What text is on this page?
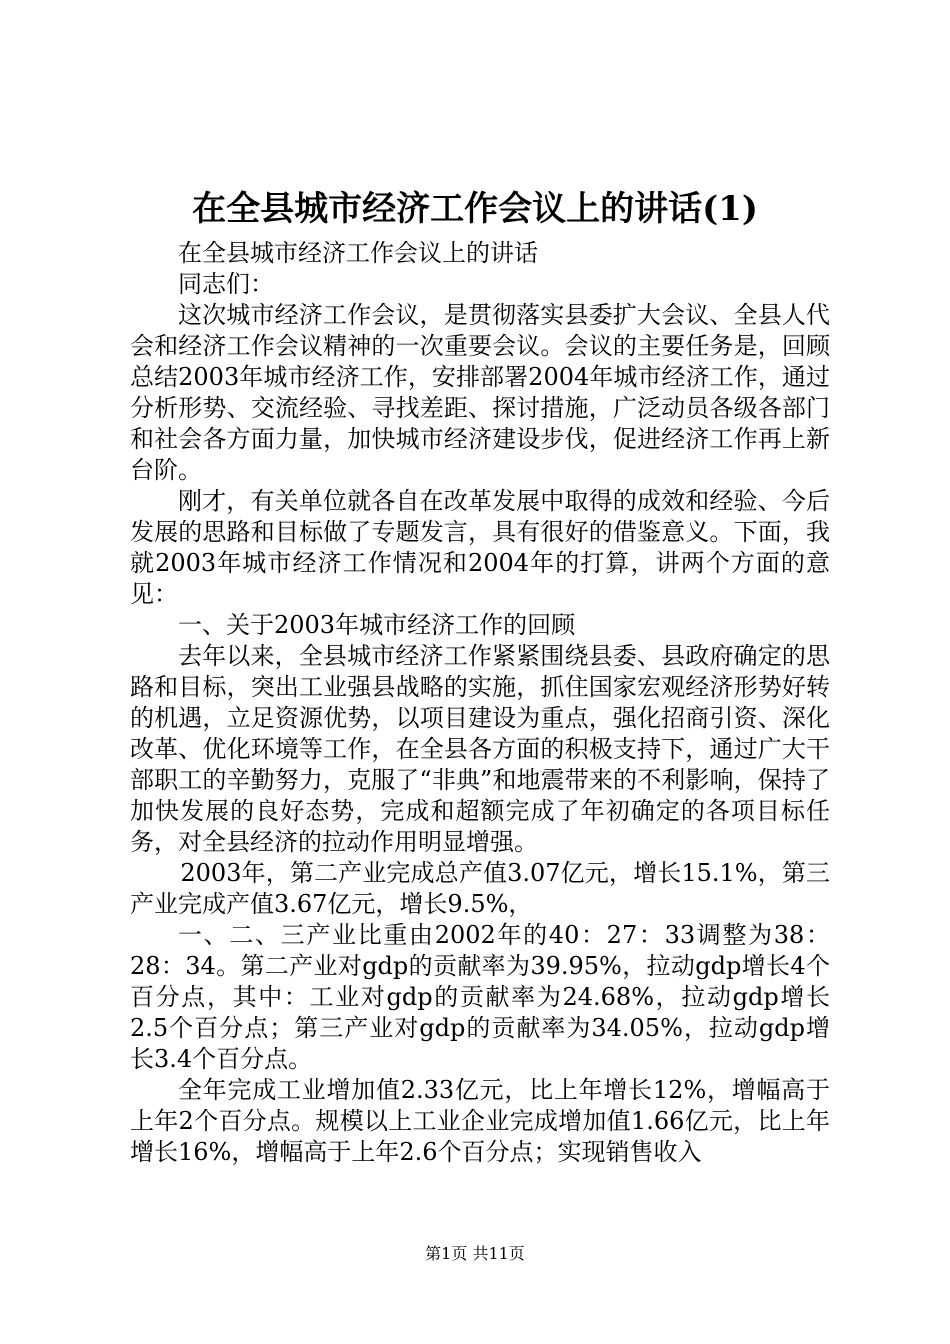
在全县城市经济工作会议上的讲话(1)

在全县城市经济工作会议上的讲话

同志们：

这次城市经济工作会议，是贯彻落实县委扩大会议、全县人代会和经济工作会议精神的一次重要会议。会议的主要任务是，回顾总结2003年城市经济工作，安排部署2004年城市经济工作，通过分析形势、交流经验、寻找差距、探讨措施，广泛动员各级各部门和社会各方面力量，加快城市经济建设步伐，促进经济工作再上新台阶。

刚才，有关单位就各自在改革发展中取得的成效和经验、今后发展的思路和目标做了专题发言，具有很好的借鉴意义。下面，我就2003年城市经济工作情况和2004年的打算，讲两个方面的意见：

一、关于2003年城市经济工作的回顾

去年以来，全县城市经济工作紧紧围绕县委、县政府确定的思路和目标，突出工业强县战略的实施，抓住国家宏观经济形势好转的机遇，立足资源优势，以项目建设为重点，强化招商引资、深化改革、优化环境等工作，在全县各方面的积极支持下，通过广大干部职工的辛勤努力，克服了“非典”和地震带来的不利影响，保持了加快发展的良好态势，完成和超额完成了年初确定的各项目标任务，对全县经济的拉动作用明显增强。

2003年，第二产业完成总产值3.07亿元，增长15.1%，第三产业完成产值3.67亿元，增长9.5%，

一、二、三产业比重由2002年的40：27：33调整为38：28：34。第二产业对gdp的贡献率为39.95%，拉动gdp增长4个百分点，其中：工业对gdp的贡献率为24.68%，拉动gdp增长2.5个百分点；第三产业对gdp的贡献率为34.05%，拉动gdp增长3.4个百分点。

全年完成工业增加值2.33亿元，比上年增长12%，增幅高于上年2个百分点。规模以上工业企业完成增加值1.66亿元，比上年增长16%，增幅高于上年2.6个百分点；实现销售收入

第1页 共11页
